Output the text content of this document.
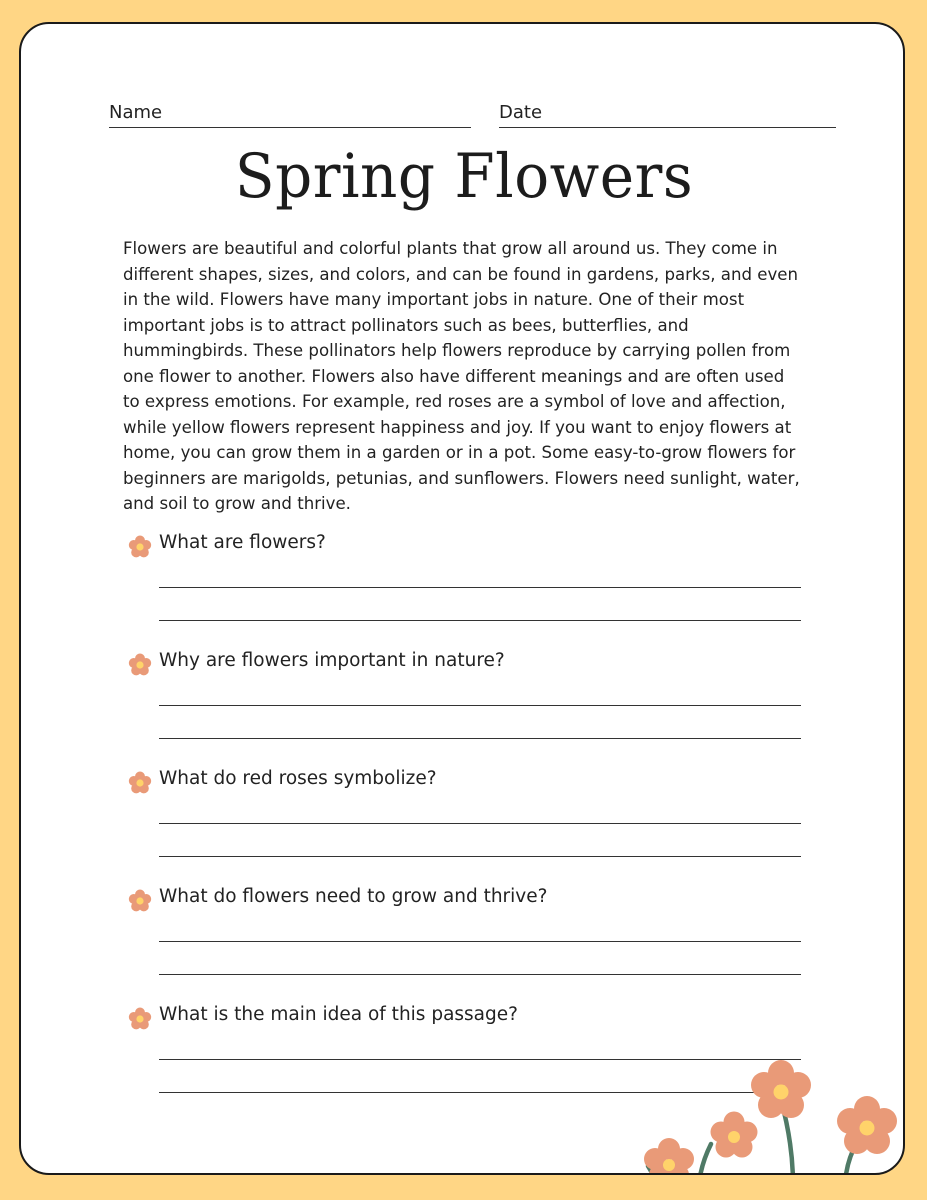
Name	Date
Spring Flowers
Flowers are beautiful and colorful plants that grow all around us. They come in different shapes, sizes, and colors, and can be found in gardens, parks, and even in the wild. Flowers have many important jobs in nature. One of their most important jobs is to attract pollinators such as bees, butterflies, and hummingbirds. These pollinators help flowers reproduce by carrying pollen from one flower to another. Flowers also have different meanings and are often used to express emotions. For example, red roses are a symbol of love and affection, while yellow flowers represent happiness and joy. If you want to enjoy flowers at home, you can grow them in a garden or in a pot. Some easy-to-grow flowers for beginners are marigolds, petunias, and sunflowers. Flowers need sunlight, water, and soil to grow and thrive.
What are flowers?
Why are flowers important in nature?
What do red roses symbolize?
What do flowers need to grow and thrive?
What is the main idea of this passage?
